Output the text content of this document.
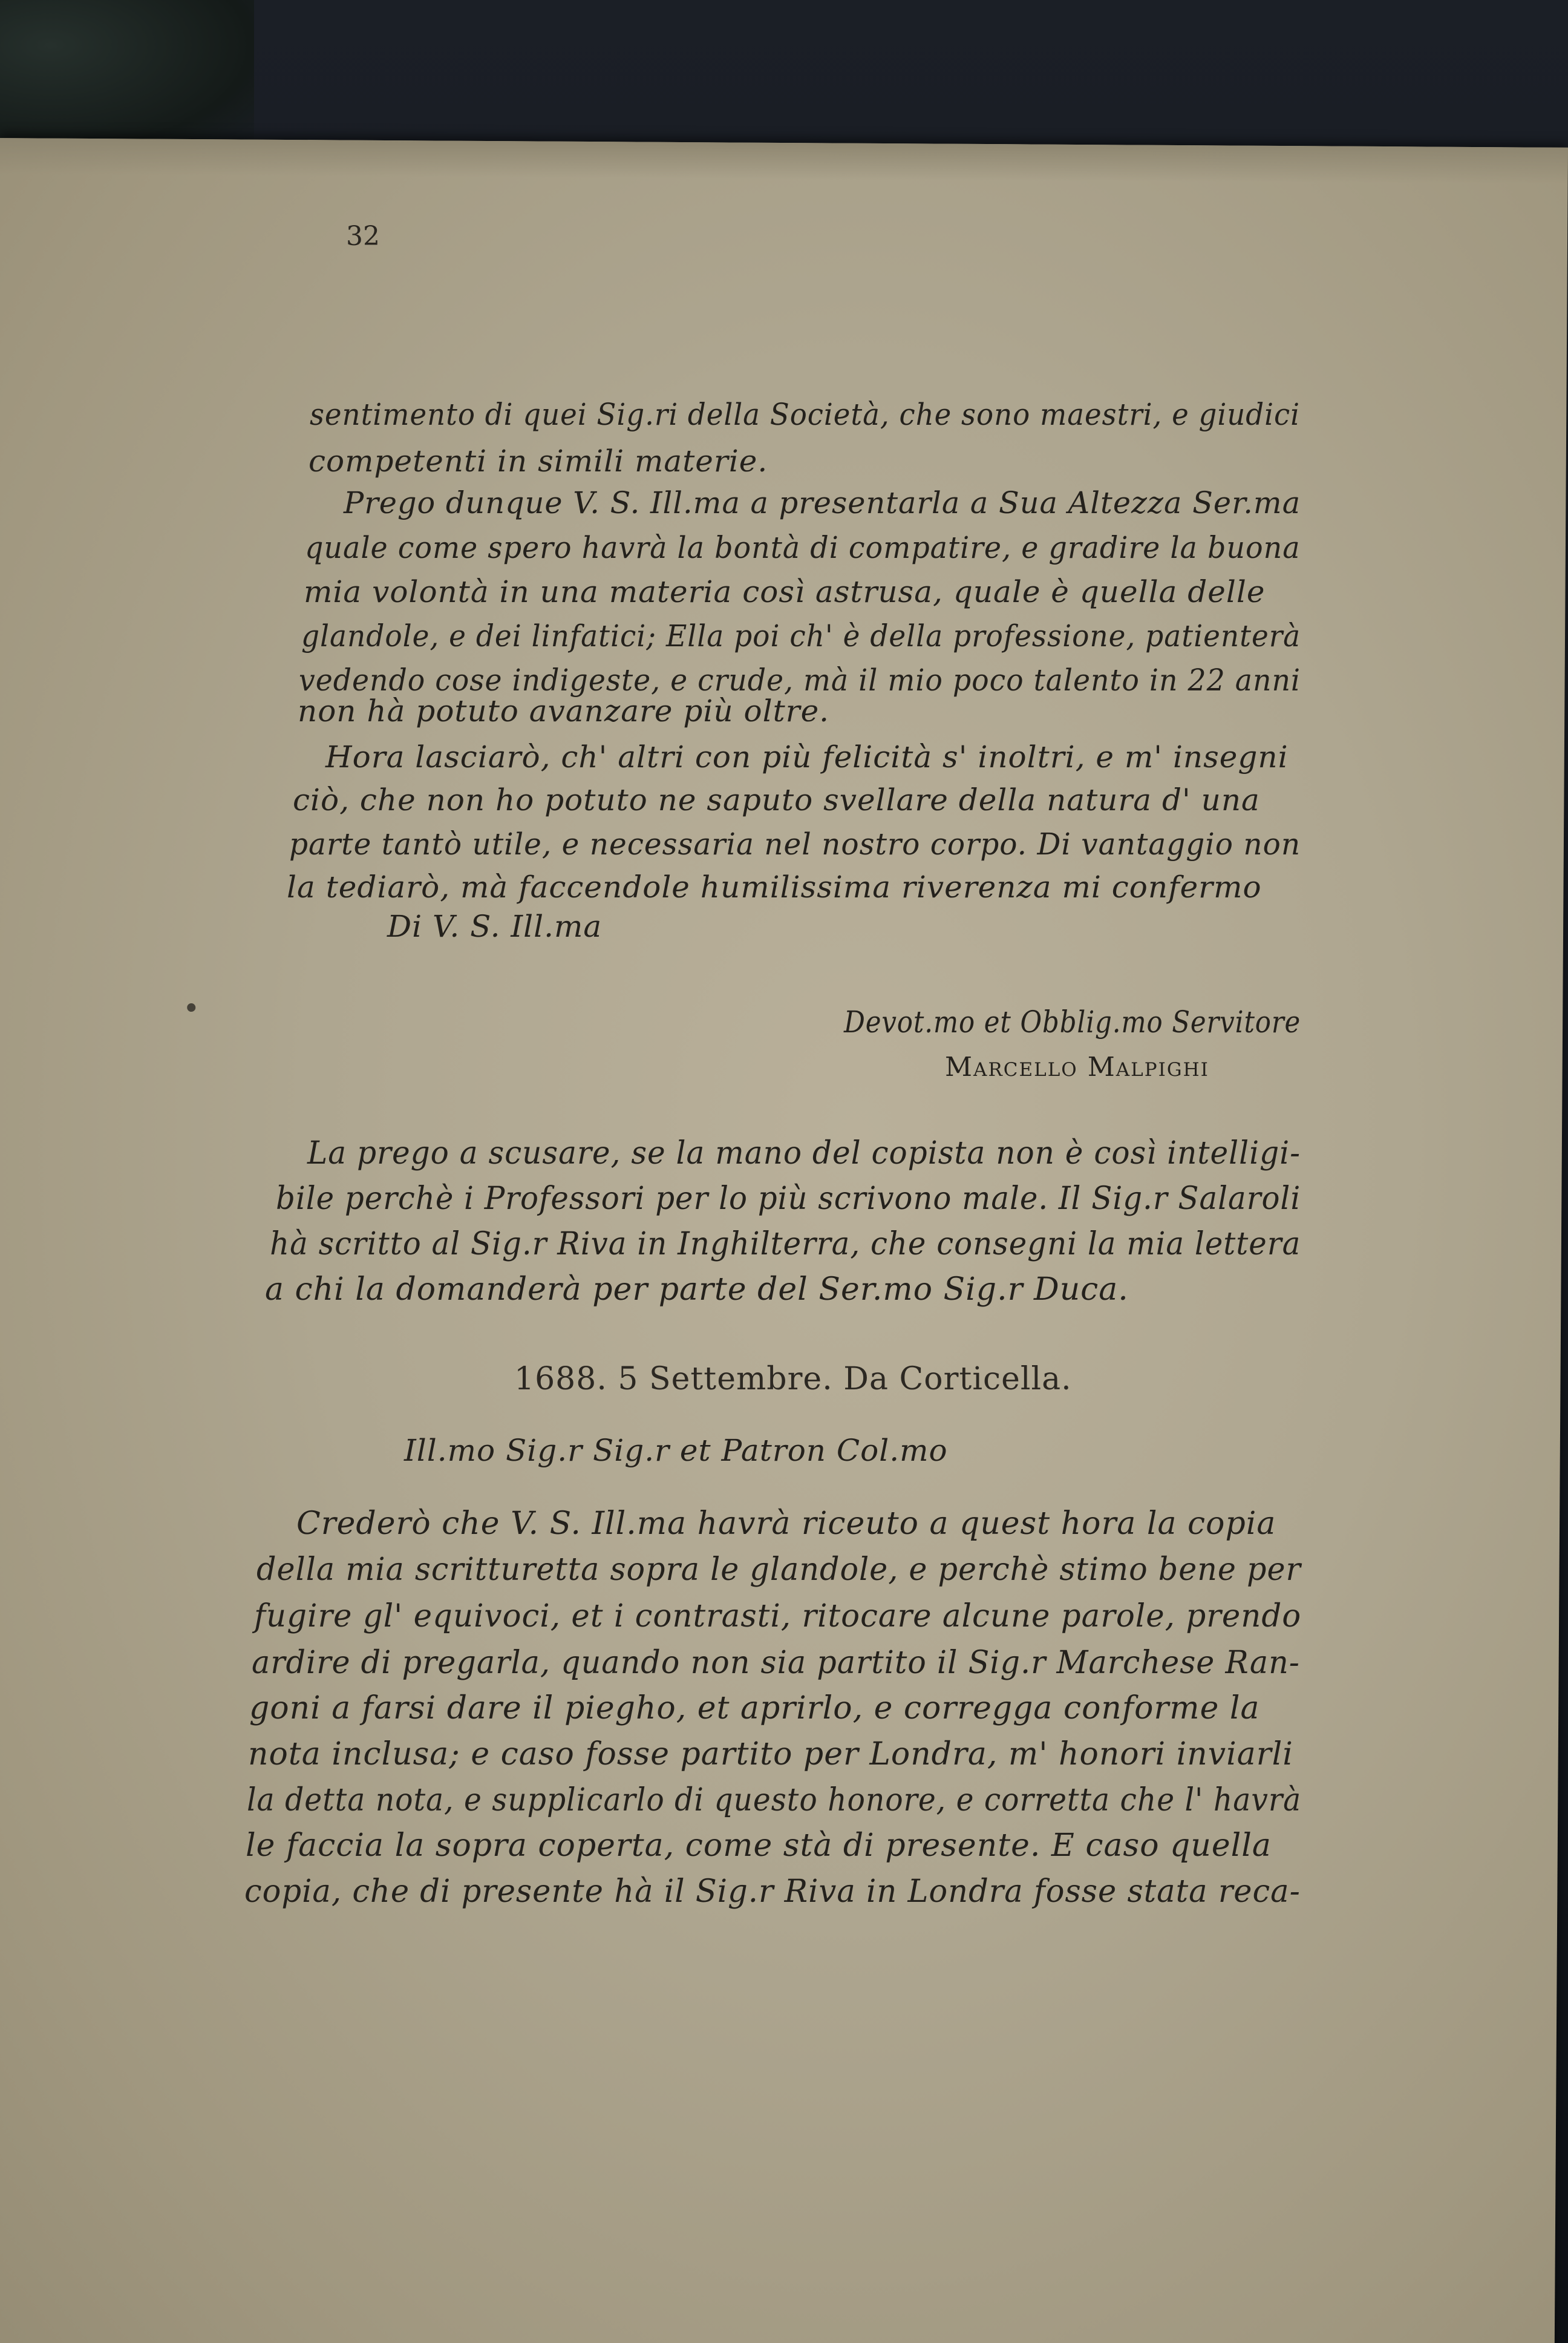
32
sentimento di quei Sig.ri della Società, che sono maestri, e giudici
competenti in simili materie.
Prego dunque V. S. Ill.ma a presentarla a Sua Altezza Ser.ma
quale come spero havrà la bontà di compatire, e gradire la buona
mia volontà in una materia così astrusa, quale è quella delle
glandole, e dei linfatici; Ella poi ch' è della professione, patienterà
vedendo cose indigeste, e crude, mà il mio poco talento in 22 anni
non hà potuto avanzare più oltre.
Hora lasciarò, ch' altri con più felicità s' inoltri, e m' insegni
ciò, che non ho potuto ne saputo svellare della natura d' una
parte tantò utile, e necessaria nel nostro corpo. Di vantaggio non
la tediarò, mà faccendole humilissima riverenza mi confermo
Di V. S. Ill.ma
Devot.mo et Obblig.mo Servitore
Marcello Malpighi
La prego a scusare, se la mano del copista non è così intelligi-
bile perchè i Professori per lo più scrivono male. Il Sig.r Salaroli
hà scritto al Sig.r Riva in Inghilterra, che consegni la mia lettera
a chi la domanderà per parte del Ser.mo Sig.r Duca.
1688. 5 Settembre. Da Corticella.
Ill.mo Sig.r Sig.r et Patron Col.mo
Crederò che V. S. Ill.ma havrà riceuto a quest hora la copia
della mia scritturetta sopra le glandole, e perchè stimo bene per
fugire gl' equivoci, et i contrasti, ritocare alcune parole, prendo
ardire di pregarla, quando non sia partito il Sig.r Marchese Ran-
goni a farsi dare il piegho, et aprirlo, e corregga conforme la
nota inclusa; e caso fosse partito per Londra, m' honori inviarli
la detta nota, e supplicarlo di questo honore, e corretta che l' havrà
le faccia la sopra coperta, come stà di presente. E caso quella
copia, che di presente hà il Sig.r Riva in Londra fosse stata reca-
